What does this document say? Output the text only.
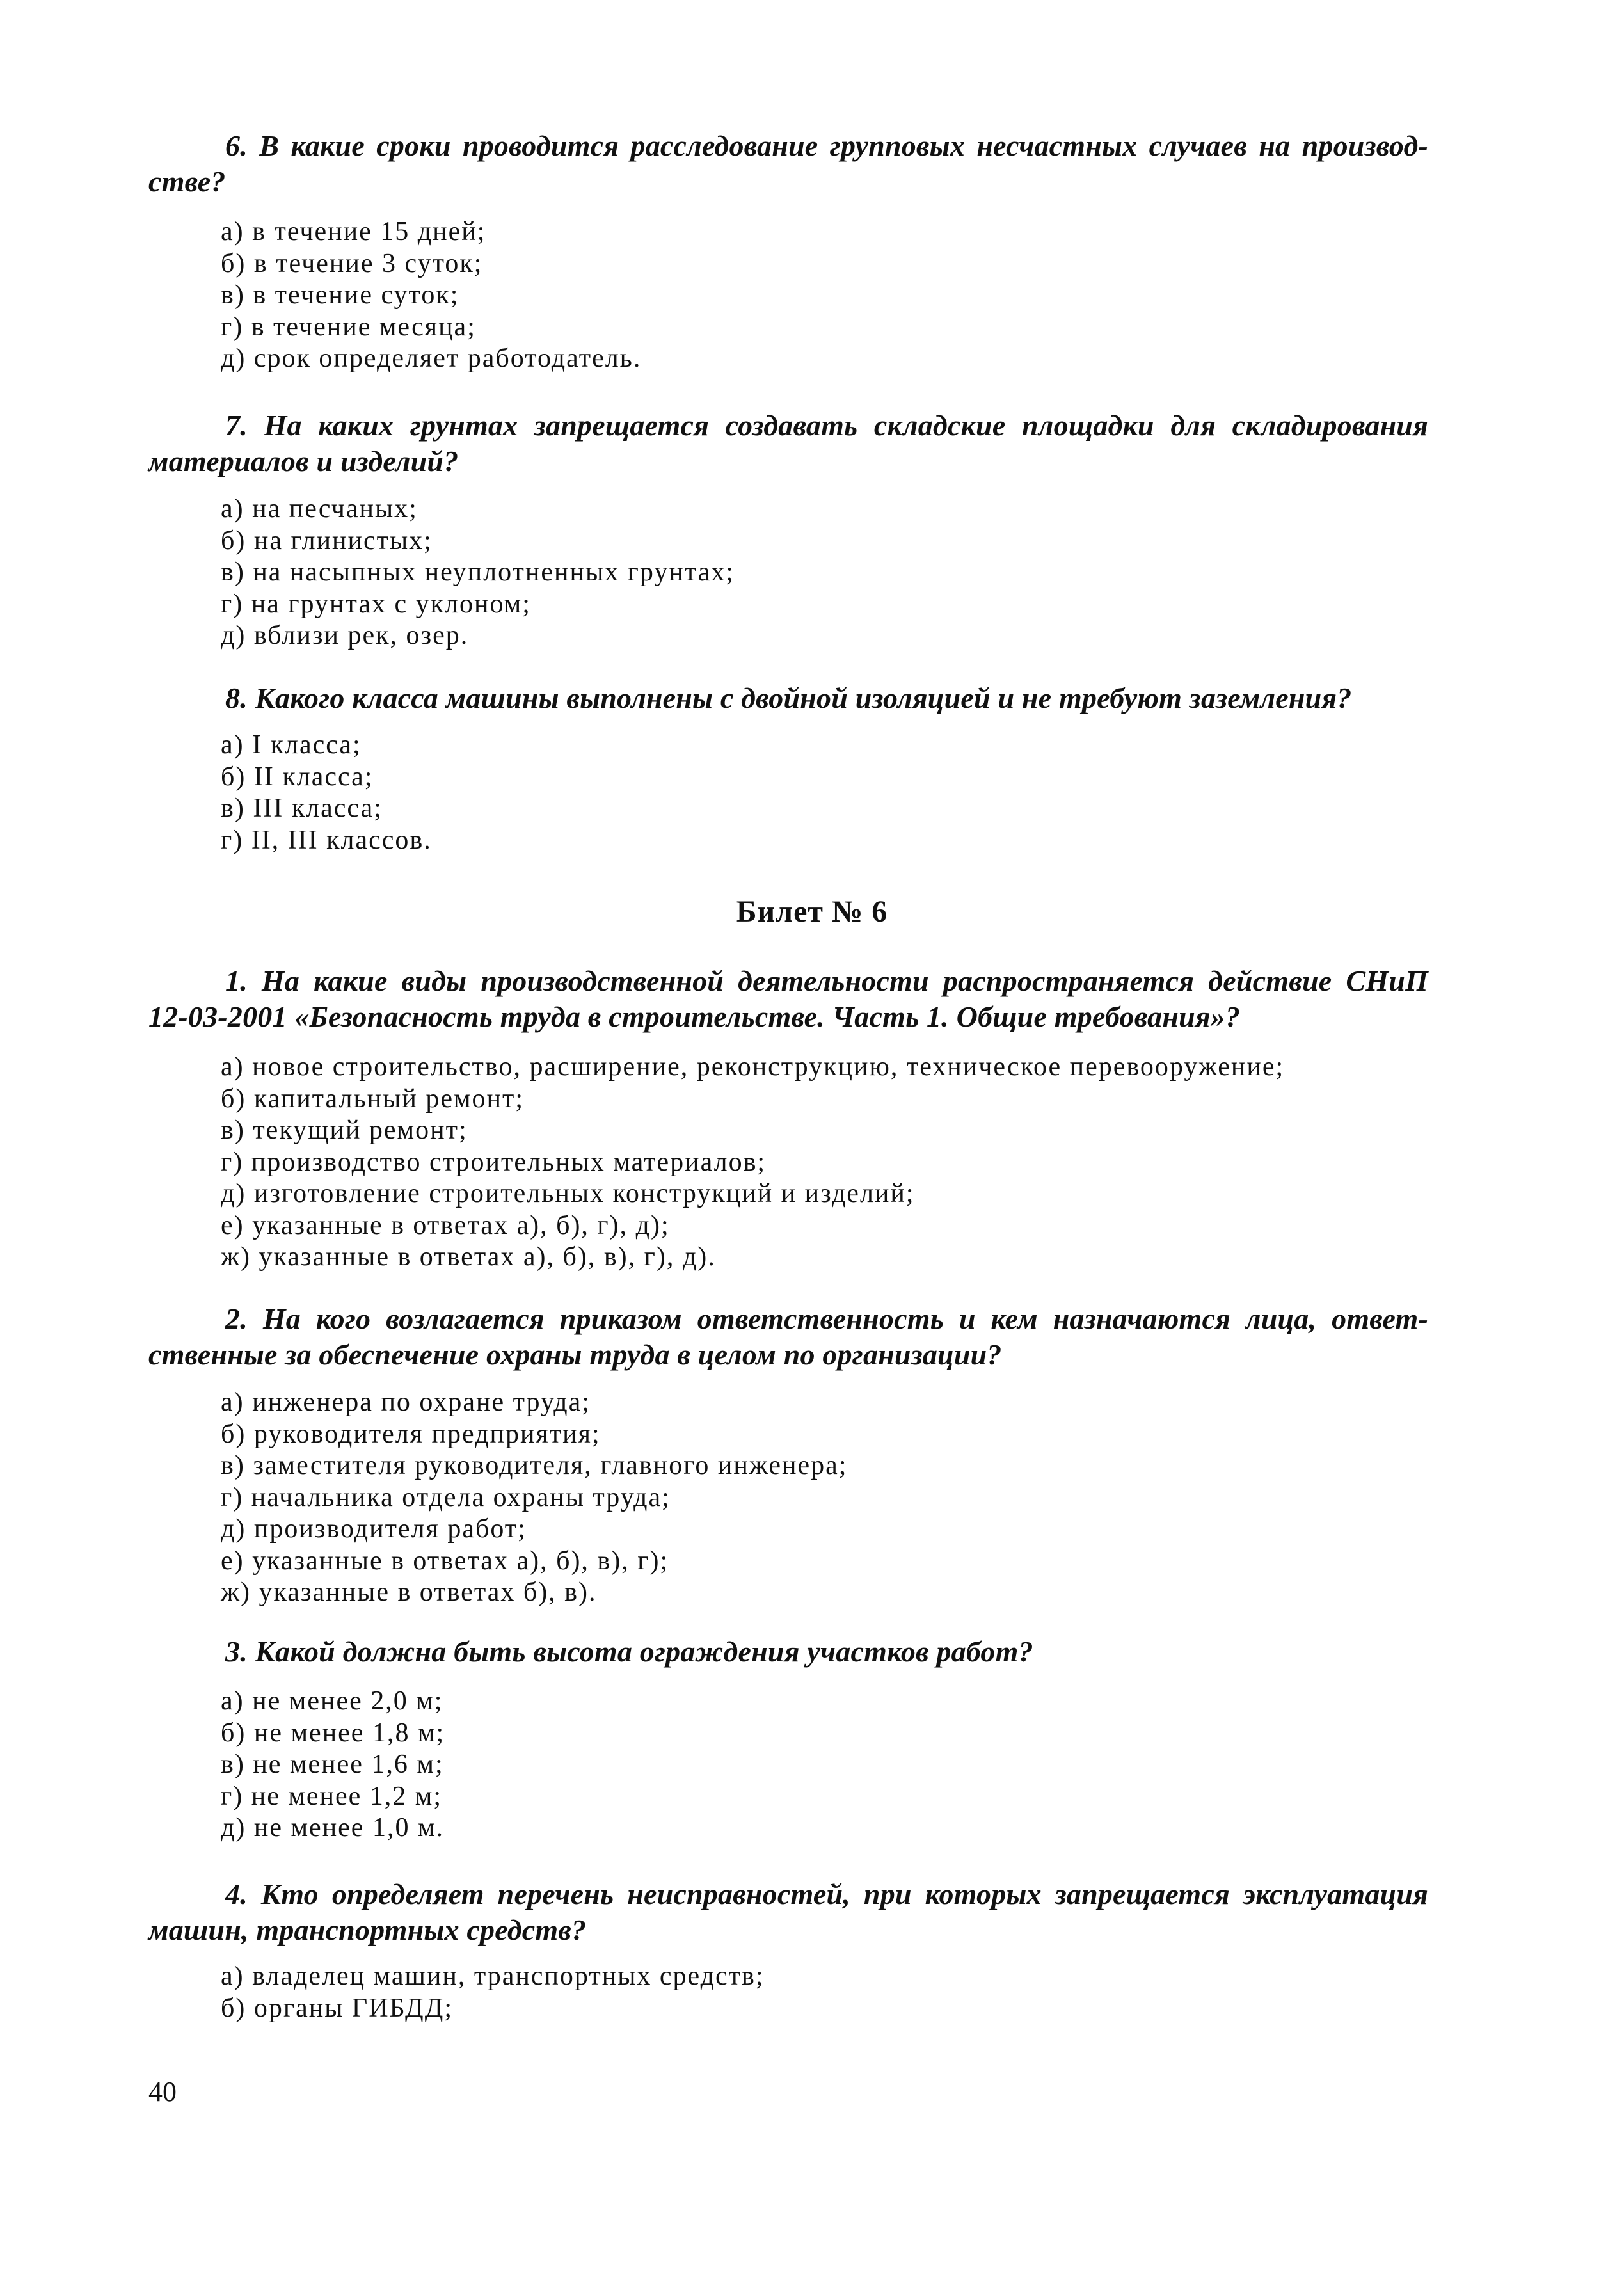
6. В какие сроки проводится расследование групповых несчастных случаев на производ-
стве?
а) в течение 15 дней;
б) в течение 3 суток;
в) в течение суток;
г) в течение месяца;
д) срок определяет работодатель.
7. На каких грунтах запрещается создавать складские площадки для складирования
материалов и изделий?
а) на песчаных;
б) на глинистых;
в) на насыпных неуплотненных грунтах;
г) на грунтах с уклоном;
д) вблизи рек, озер.
8. Какого класса машины выполнены с двойной изоляцией и не требуют заземления?
а) I класса;
б) II класса;
в) III класса;
г) II, III классов.
Билет № 6
1. На какие виды производственной деятельности распространяется действие СНиП
12-03-2001 «Безопасность труда в строительстве. Часть 1. Общие требования»?
а) новое строительство, расширение, реконструкцию, техническое перевооружение;
б) капитальный ремонт;
в) текущий ремонт;
г) производство строительных материалов;
д) изготовление строительных конструкций и изделий;
е) указанные в ответах а), б), г), д);
ж) указанные в ответах а), б), в), г), д).
2. На кого возлагается приказом ответственность и кем назначаются лица, ответ-
ственные за обеспечение охраны труда в целом по организации?
а) инженера по охране труда;
б) руководителя предприятия;
в) заместителя руководителя, главного инженера;
г) начальника отдела охраны труда;
д) производителя работ;
е) указанные в ответах а), б), в), г);
ж) указанные в ответах б), в).
3. Какой должна быть высота ограждения участков работ?
а) не менее 2,0 м;
б) не менее 1,8 м;
в) не менее 1,6 м;
г) не менее 1,2 м;
д) не менее 1,0 м.
4. Кто определяет перечень неисправностей, при которых запрещается эксплуатация
машин, транспортных средств?
а) владелец машин, транспортных средств;
б) органы ГИБДД;
40
